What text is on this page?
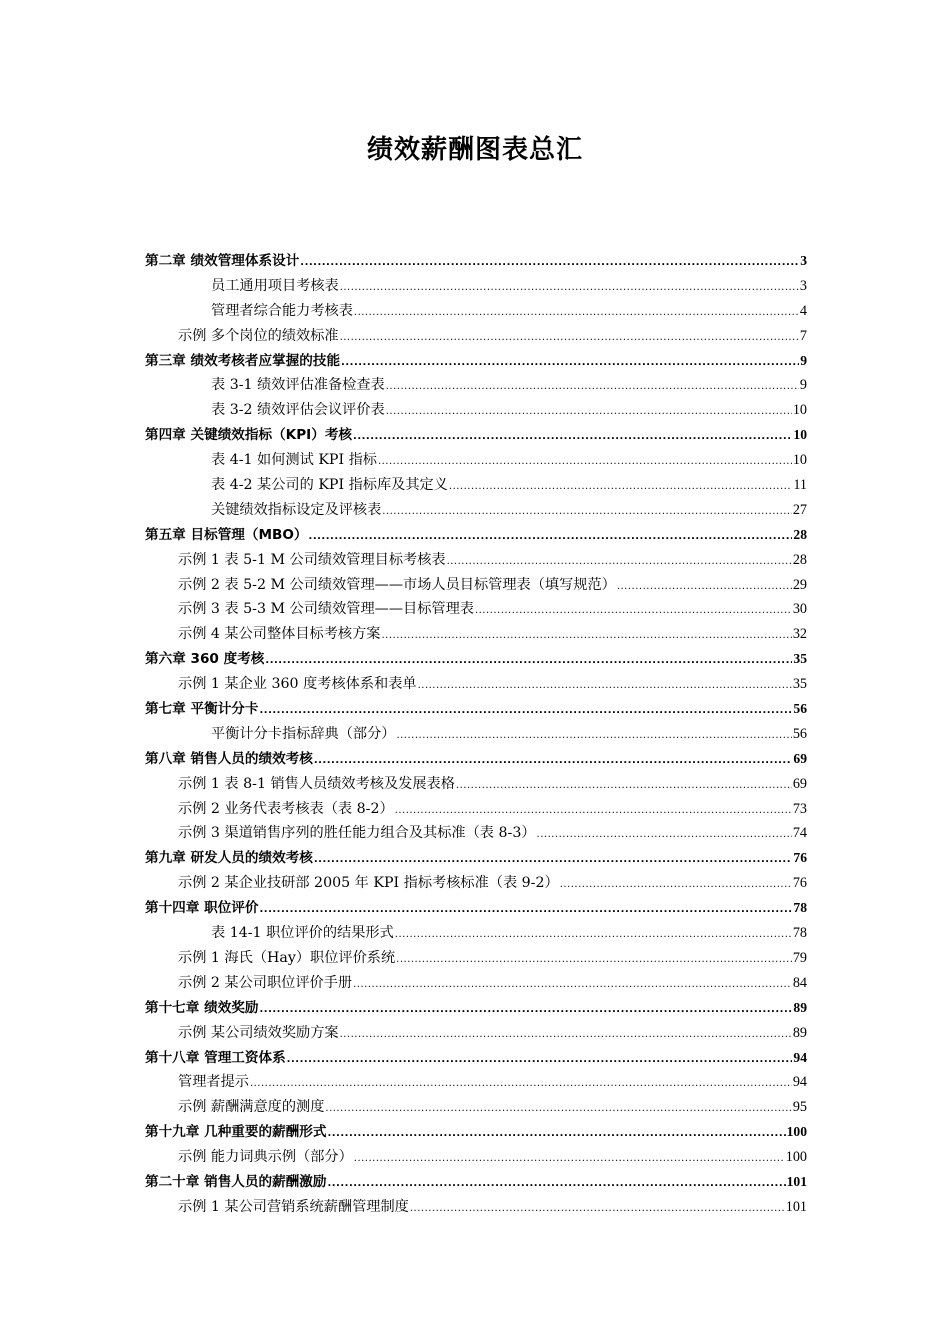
绩效薪酬图表总汇
第二章 绩效管理体系设计 .....	3
员工通用项目考核表 .....	3
管理者综合能力考核表 .....	4
示例 多个岗位的绩效标准 .....	7
第三章 绩效考核者应掌握的技能 .....	9
表 3-1 绩效评估准备检查表 .....	9
表 3-2 绩效评估会议评价表 .....	10
第四章 关键绩效指标（KPI）考核 .....	10
表 4-1 如何测试 KPI 指标 .....	10
表 4-2 某公司的 KPI 指标库及其定义 .....	11
关键绩效指标设定及评核表 .....	27
第五章 目标管理（MBO） .....	28
示例 1 表 5-1 M 公司绩效管理目标考核表 .....	28
示例 2 表 5-2 M 公司绩效管理——市场人员目标管理表（填写规范） .....	29
示例 3 表 5-3 M 公司绩效管理——目标管理表 .....	30
示例 4 某公司整体目标考核方案 .....	32
第六章 360 度考核 .....	35
示例 1 某企业 360 度考核体系和表单 .....	35
第七章 平衡计分卡 .....	56
平衡计分卡指标辞典（部分） .....	56
第八章 销售人员的绩效考核 .....	69
示例 1 表 8-1 销售人员绩效考核及发展表格 .....	69
示例 2 业务代表考核表（表 8-2） .....	73
示例 3 渠道销售序列的胜任能力组合及其标准（表 8-3） .....	74
第九章 研发人员的绩效考核 .....	76
示例 2 某企业技研部 2005 年 KPI 指标考核标准（表 9-2） .....	76
第十四章 职位评价 .....	78
表 14-1 职位评价的结果形式 .....	78
示例 1 海氏（Hay）职位评价系统 .....	79
示例 2 某公司职位评价手册 .....	84
第十七章 绩效奖励 .....	89
示例 某公司绩效奖励方案 .....	89
第十八章 管理工资体系 .....	94
管理者提示 .....	94
示例 薪酬满意度的测度 .....	95
第十九章 几种重要的薪酬形式 .....	100
示例 能力词典示例（部分） .....	100
第二十章 销售人员的薪酬激励 .....	101
示例 1 某公司营销系统薪酬管理制度 .....	101
